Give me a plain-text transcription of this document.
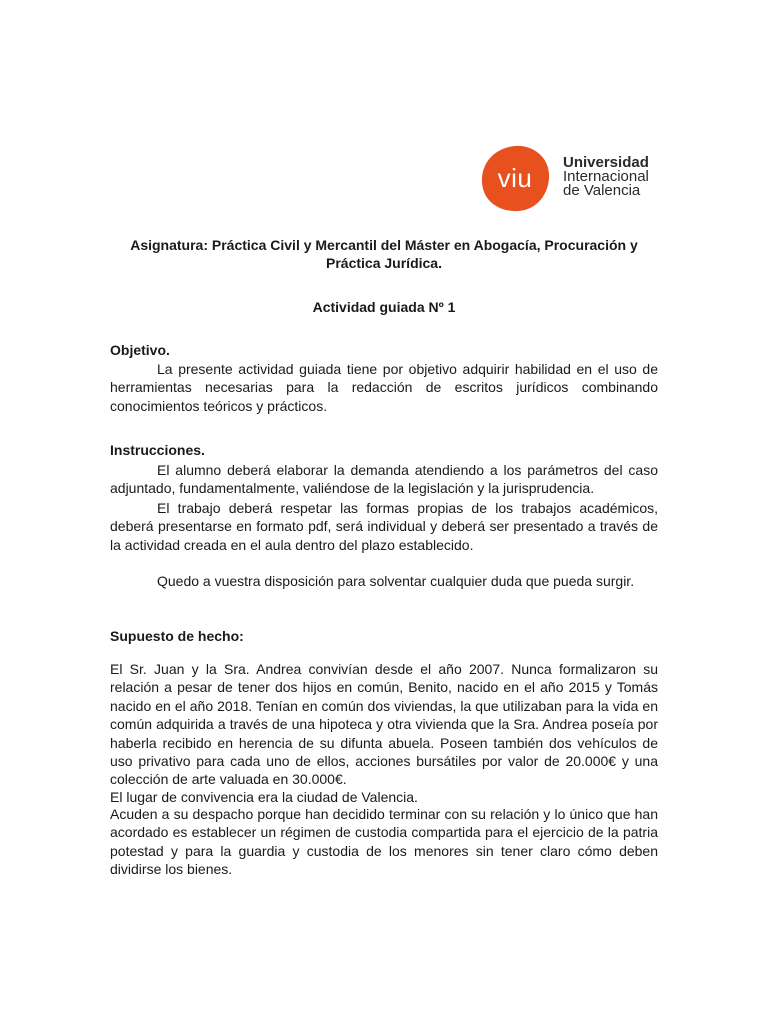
viu	Universidad
Internacional
de Valencia
Asignatura: Práctica Civil y Mercantil del Máster en Abogacía, Procuración y Práctica Jurídica.
Actividad guiada Nº 1
Objetivo.
La presente actividad guiada tiene por objetivo adquirir habilidad en el uso de herramientas necesarias para la redacción de escritos jurídicos combinando conocimientos teóricos y prácticos.
Instrucciones.
El alumno deberá elaborar la demanda atendiendo a los parámetros del caso adjuntado, fundamentalmente, valiéndose de la legislación y la jurisprudencia.
El trabajo deberá respetar las formas propias de los trabajos académicos, deberá presentarse en formato pdf, será individual y deberá ser presentado a través de la actividad creada en el aula dentro del plazo establecido.
Quedo a vuestra disposición para solventar cualquier duda que pueda surgir.
Supuesto de hecho:
El Sr. Juan y la Sra. Andrea convivían desde el año 2007. Nunca formalizaron su relación a pesar de tener dos hijos en común, Benito, nacido en el año 2015 y Tomás nacido en el año 2018. Tenían en común dos viviendas, la que utilizaban para la vida en común adquirida a través de una hipoteca y otra vivienda que la Sra. Andrea poseía por haberla recibido en herencia de su difunta abuela. Poseen también dos vehículos de uso privativo para cada uno de ellos, acciones bursátiles por valor de 20.000€ y una colección de arte valuada en 30.000€.
El lugar de convivencia era la ciudad de Valencia.
Acuden a su despacho porque han decidido terminar con su relación y lo único que han acordado es establecer un régimen de custodia compartida para el ejercicio de la patria potestad y para la guardia y custodia de los menores sin tener claro cómo deben dividirse los bienes.
